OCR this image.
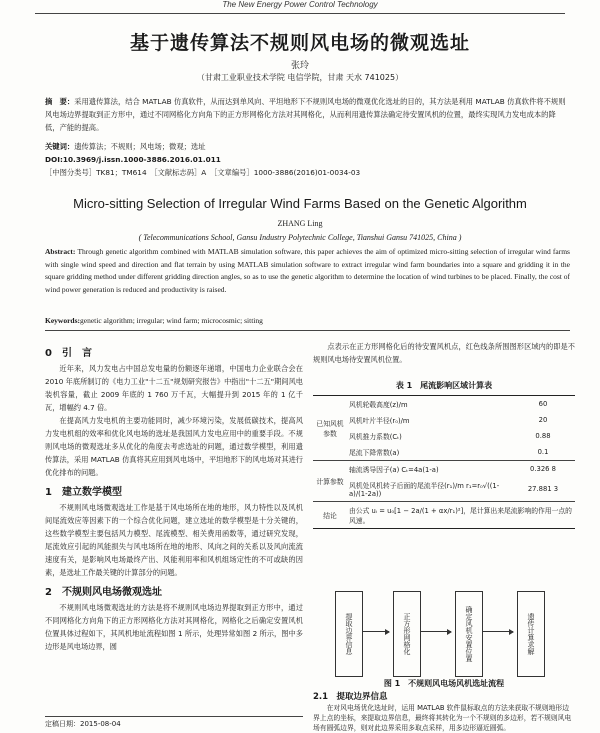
The New Energy Power Control Technology
基于遗传算法不规则风电场的微观选址
张玲
（甘肃工业职业技术学院 电信学院，甘肃 天水 741025）
摘　要：采用遗传算法，结合 MATLAB 仿真软件，从而达到单风向、平坦地形下不规则风电场的微观优化选址的目的，其方法是利用 MATLAB 仿真软件将不规则风电场边界提取到正方形中，通过不同网格化方向角下的正方形网格化方法对其网格化，从而利用遗传算法确定待安置风机的位置，最终实现风力发电成本的降低，产能的提高。
关键词：遗传算法；不规则；风电场；微观；选址
DOI:10.3969/j.issn.1000-3886.2016.01.011
［中图分类号］TK81；TM614　［文献标志码］A　［文章编号］1000-3886(2016)01-0034-03
Micro-sitting Selection of Irregular Wind Farms Based on the Genetic Algorithm
ZHANG Ling
( Telecommunications School, Gansu Industry Polytechnic College, Tianshui Gansu 741025, China )
Abstract: Through genetic algorithm combined with MATLAB simulation software, this paper achieves the aim of optimized micro-sitting selection of irregular wind farms with single wind speed and direction and flat terrain by using MATLAB simulation software to extract irregular wind farm boundaries into a square and gridding it in the square gridding method under different gridding direction angles, so as to use the genetic algorithm to determine the location of wind turbines to be placed. Finally, the cost of wind power generation is reduced and productivity is raised.
Keywords:genetic algorithm; irregular; wind farm; microcosmic; sitting
0　引　言

近年来，风力发电占中国总发电量的份额逐年递增，中国电力企业联合会在 2010 年底所制订的《电力工业"十二五"规划研究报告》中指出"十二五"期间风电装机容量，截止 2009 年底的 1 760 万千瓦，大幅提升到 2015 年的 1 亿千瓦，增幅约 4.7 倍。

在提高风力发电机的主要功能同时，减少环境污染，发展低碳技术，提高风力发电机组的效率和优化风电场的选址是我国风力发电应用中的重要手段。不规则风电场的微观选址多从优化的角度去考虑选址的问题，通过数学模型，利用遗传算法，采用 MATLAB 仿真将其应用到风电场中，平坦地形下的风电场对其进行优化排布的问题。

1　建立数学模型

不规则风电场微观选址工作是基于风电场所在地的地形，风力特性以及风机间尾流效应等因素下的一个综合优化问题，建立选址的数学模型是十分关键的，这些数学模型主要包括风力模型、尾流模型、相关费用函数等，通过研究发现，尾流效应引起的风能损失与风电场所在地的地形、风向之间的关系以及风向流流速度有关，是影响风电场最终产出、风能利用率和风机组场定性的不可或缺的因素，是选址工作最关键的计算部分的问题。

2　不规则风电场微观选址

不规则风电场微观选址的方法是将不规则风电场边界提取到正方形中，通过不同网格化方向角下的正方形网格化方法对其网格化，网格化之后确定安置风机位置具体过程如下，其风机地址流程如图 1 所示，处理异常如图 2 所示，图中多边形是风电场边界，圆

点表示在正方形网格化后的待安置风机点，红色线条所围图形区域内的即是不规则风电场待安置风机位置。

表 1　尾流影响区域计算表
已知风机参数	风机轮毂高度(z)/m	60
	风机叶片半径(r₀)/m	20
	风机推力系数(Cₜ)	0.88
	尾流下降常数(a)	0.1
计算参数	轴流诱导因子(a) Cₜ=4a(1-a)	0.326 8
	风机处风机转子后面的尾流半径(r₁)/m r₁=r₀√((1-a)/(1-2a))	27.881 3
结论	由公式 uᵢ = u₀[1 − 2a/(1 + αx/r₁)²]，尾计算出来尾流影响的作用一点的风速。	
提取边界信息	正方形网格化	确定风机安置位置	遗传计算求解
图 1　不规则风电场风机选址流程
2.1　提取边界信息
在对风电场优化选址时，运用 MATLAB 软件鼠标取点的方法来获取不规则地形边界上点的坐标，来提取边界信息，最终将其转化为一个不规则的多边形，若不规则风电场有圆弧边界，则对此边界采用多取点采样，用多边形逼近圆弧。
定稿日期：2015-08-04
